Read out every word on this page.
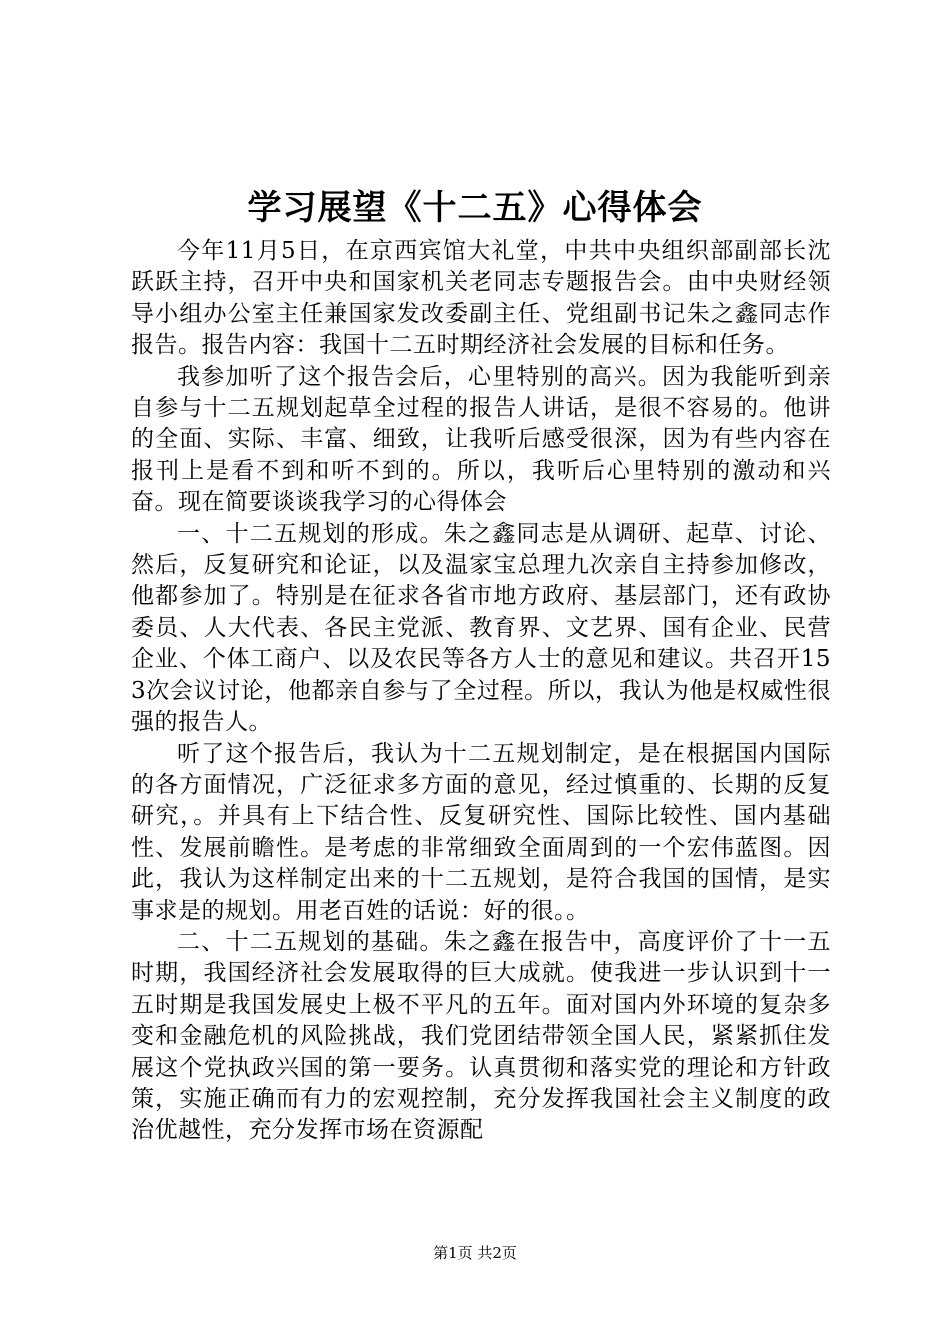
学习展望《十二五》心得体会

今年11月5日，在京西宾馆大礼堂，中共中央组织部副部长沈跃跃主持，召开中央和国家机关老同志专题报告会。由中央财经领导小组办公室主任兼国家发改委副主任、党组副书记朱之鑫同志作报告。报告内容：我国十二五时期经济社会发展的目标和任务。

我参加听了这个报告会后，心里特别的高兴。因为我能听到亲自参与十二五规划起草全过程的报告人讲话，是很不容易的。他讲的全面、实际、丰富、细致，让我听后感受很深，因为有些内容在报刊上是看不到和听不到的。所以，我听后心里特别的激动和兴奋。现在简要谈谈我学习的心得体会

一、十二五规划的形成。朱之鑫同志是从调研、起草、讨论、然后，反复研究和论证，以及温家宝总理九次亲自主持参加修改，他都参加了。特别是在征求各省市地方政府、基层部门，还有政协委员、人大代表、各民主党派、教育界、文艺界、国有企业、民营企业、个体工商户、以及农民等各方人士的意见和建议。共召开153次会议讨论，他都亲自参与了全过程。所以，我认为他是权威性很强的报告人。

听了这个报告后，我认为十二五规划制定，是在根据国内国际的各方面情况，广泛征求多方面的意见，经过慎重的、长期的反复研究，。并具有上下结合性、反复研究性、国际比较性、国内基础性、发展前瞻性。是考虑的非常细致全面周到的一个宏伟蓝图。因此，我认为这样制定出来的十二五规划，是符合我国的国情，是实事求是的规划。用老百姓的话说：好的很。。

二、十二五规划的基础。朱之鑫在报告中，高度评价了十一五时期，我国经济社会发展取得的巨大成就。使我进一步认识到十一五时期是我国发展史上极不平凡的五年。面对国内外环境的复杂多变和金融危机的风险挑战，我们党团结带领全国人民，紧紧抓住发展这个党执政兴国的第一要务。认真贯彻和落实党的理论和方针政策，实施正确而有力的宏观控制，充分发挥我国社会主义制度的政治优越性，充分发挥市场在资源配

第1页 共2页
